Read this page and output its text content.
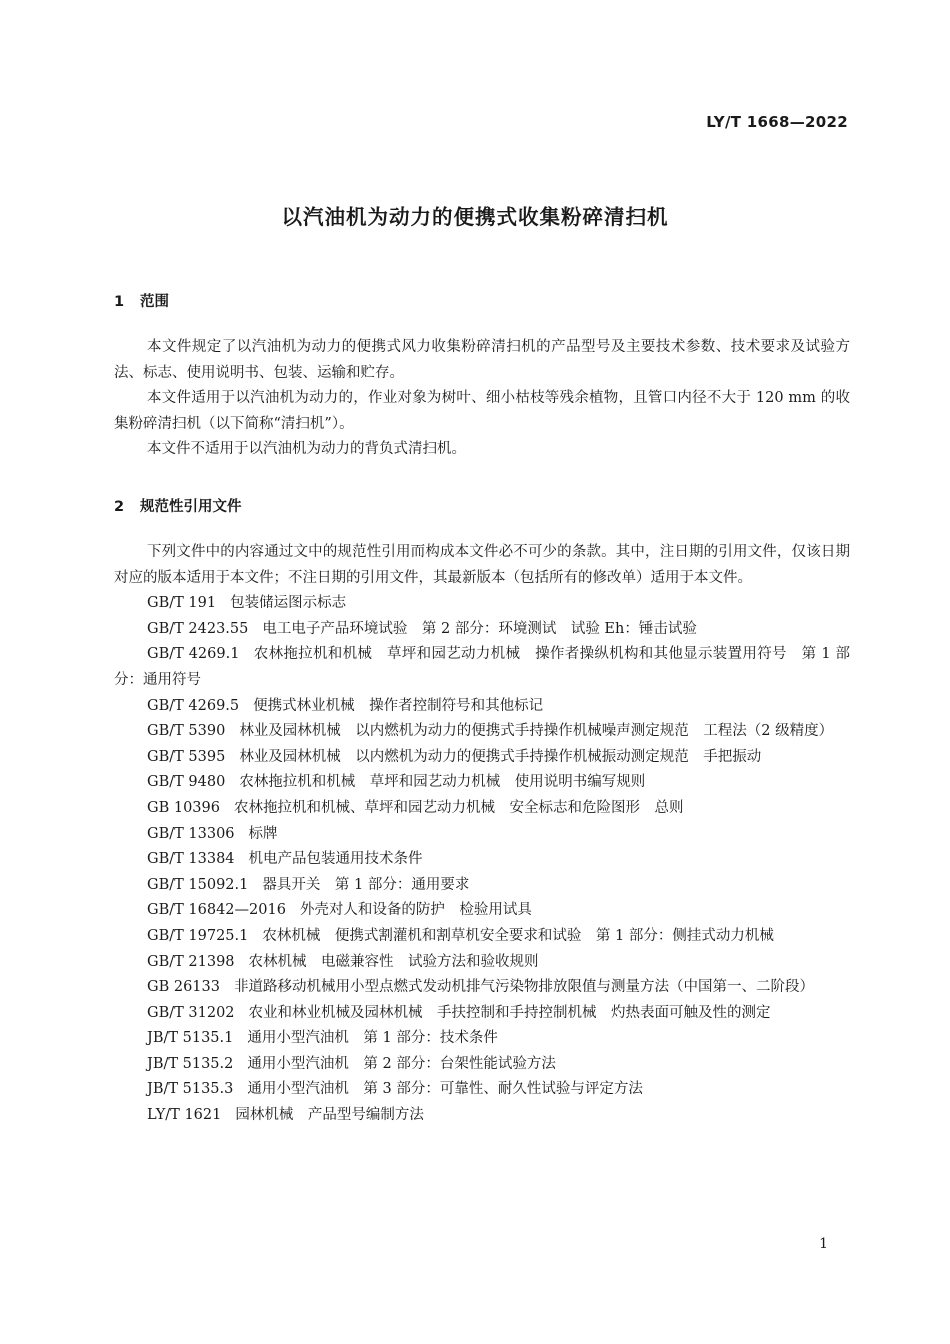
LY/T 1668—2022
以汽油机为动力的便携式收集粉碎清扫机
1 范围

本文件规定了以汽油机为动力的便携式风力收集粉碎清扫机的产品型号及主要技术参数、技术要求及试验方法、标志、使用说明书、包装、运输和贮存。

本文件适用于以汽油机为动力的，作业对象为树叶、细小枯枝等残余植物，且管口内径不大于 120 mm 的收集粉碎清扫机（以下简称“清扫机”）。

本文件不适用于以汽油机为动力的背负式清扫机。

2 规范性引用文件

下列文件中的内容通过文中的规范性引用而构成本文件必不可少的条款。其中，注日期的引用文件，仅该日期对应的版本适用于本文件；不注日期的引用文件，其最新版本（包括所有的修改单）适用于本文件。

GB/T 191 包装储运图示标志

GB/T 2423.55 电工电子产品环境试验　第 2 部分：环境测试　试验 Eh：锤击试验

GB/T 4269.1 农林拖拉机和机械　草坪和园艺动力机械　操作者操纵机构和其他显示装置用符号　第 1 部分：通用符号

GB/T 4269.5 便携式林业机械　操作者控制符号和其他标记

GB/T 5390 林业及园林机械　以内燃机为动力的便携式手持操作机械噪声测定规范　工程法（2 级精度）

GB/T 5395 林业及园林机械　以内燃机为动力的便携式手持操作机械振动测定规范　手把振动

GB/T 9480 农林拖拉机和机械　草坪和园艺动力机械　使用说明书编写规则

GB 10396 农林拖拉机和机械、草坪和园艺动力机械　安全标志和危险图形　总则

GB/T 13306 标牌

GB/T 13384 机电产品包装通用技术条件

GB/T 15092.1 器具开关　第 1 部分：通用要求

GB/T 16842—2016 外壳对人和设备的防护　检验用试具

GB/T 19725.1 农林机械　便携式割灌机和割草机安全要求和试验　第 1 部分：侧挂式动力机械

GB/T 21398 农林机械　电磁兼容性　试验方法和验收规则

GB 26133 非道路移动机械用小型点燃式发动机排气污染物排放限值与测量方法（中国第一、二阶段）

GB/T 31202 农业和林业机械及园林机械　手扶控制和手持控制机械　灼热表面可触及性的测定

JB/T 5135.1 通用小型汽油机　第 1 部分：技术条件

JB/T 5135.2 通用小型汽油机　第 2 部分：台架性能试验方法

JB/T 5135.3 通用小型汽油机　第 3 部分：可靠性、耐久性试验与评定方法

LY/T 1621 园林机械　产品型号编制方法

1
